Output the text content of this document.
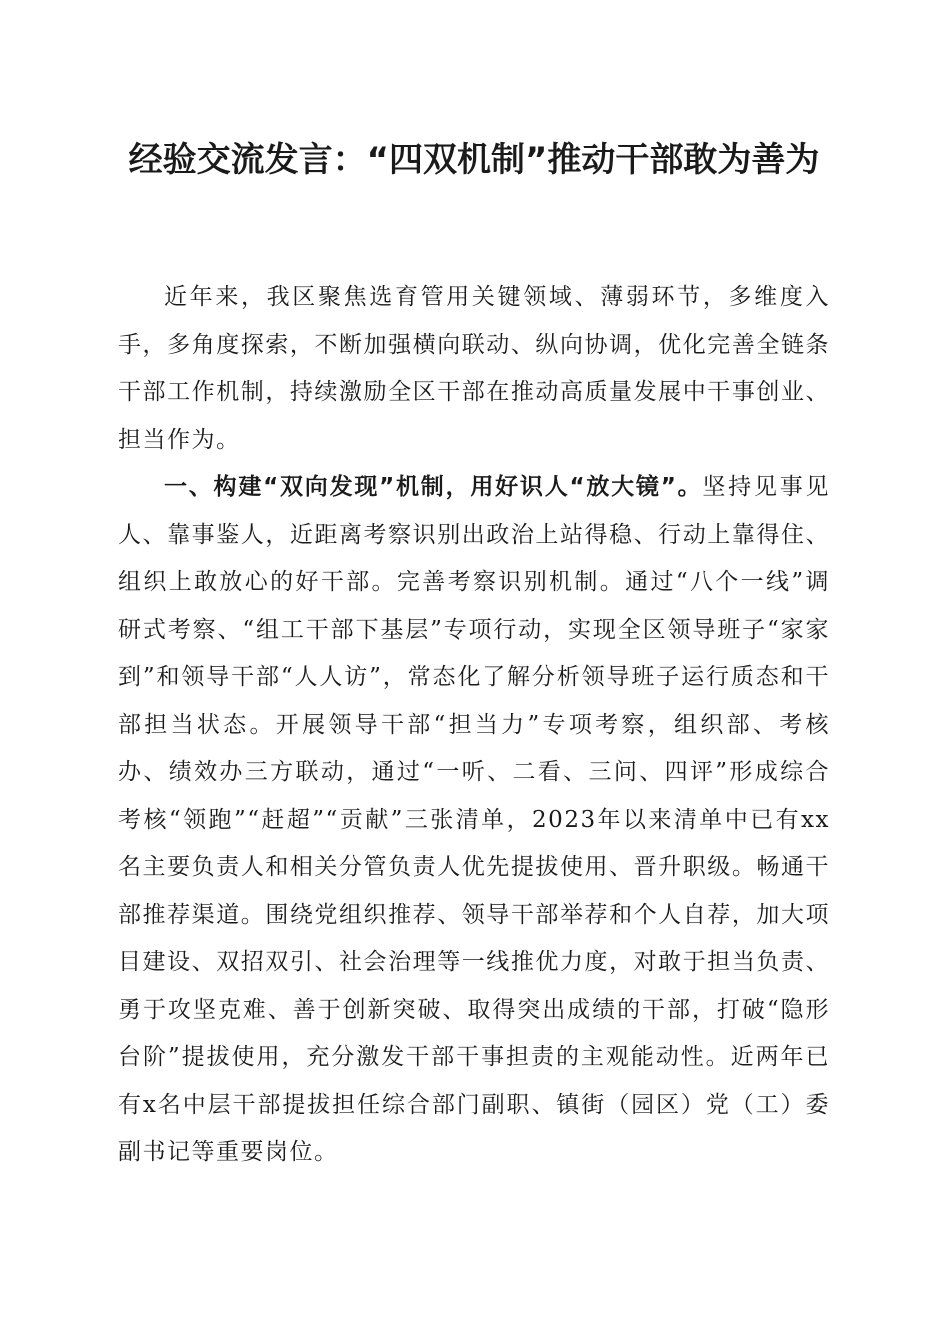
经验交流发言：“四双机制”推动干部敢为善为

近年来，我区聚焦选育管用关键领域、薄弱环节，多维度入手，多角度探索，不断加强横向联动、纵向协调，优化完善全链条干部工作机制，持续激励全区干部在推动高质量发展中干事创业、担当作为。

一、构建“双向发现”机制，用好识人“放大镜”。坚持见事见人、靠事鉴人，近距离考察识别出政治上站得稳、行动上靠得住、组织上敢放心的好干部。完善考察识别机制。通过“八个一线”调研式考察、“组工干部下基层”专项行动，实现全区领导班子“家家到”和领导干部“人人访”，常态化了解分析领导班子运行质态和干部担当状态。开展领导干部“担当力”专项考察，组织部、考核办、绩效办三方联动，通过“一听、二看、三问、四评”形成综合考核“领跑”“赶超”“贡献”三张清单，2023年以来清单中已有xx名主要负责人和相关分管负责人优先提拔使用、晋升职级。畅通干部推荐渠道。围绕党组织推荐、领导干部举荐和个人自荐，加大项目建设、双招双引、社会治理等一线推优力度，对敢于担当负责、勇于攻坚克难、善于创新突破、取得突出成绩的干部，打破“隐形台阶”提拔使用，充分激发干部干事担责的主观能动性。近两年已有x名中层干部提拔担任综合部门副职、镇街（园区）党（工）委副书记等重要岗位。
